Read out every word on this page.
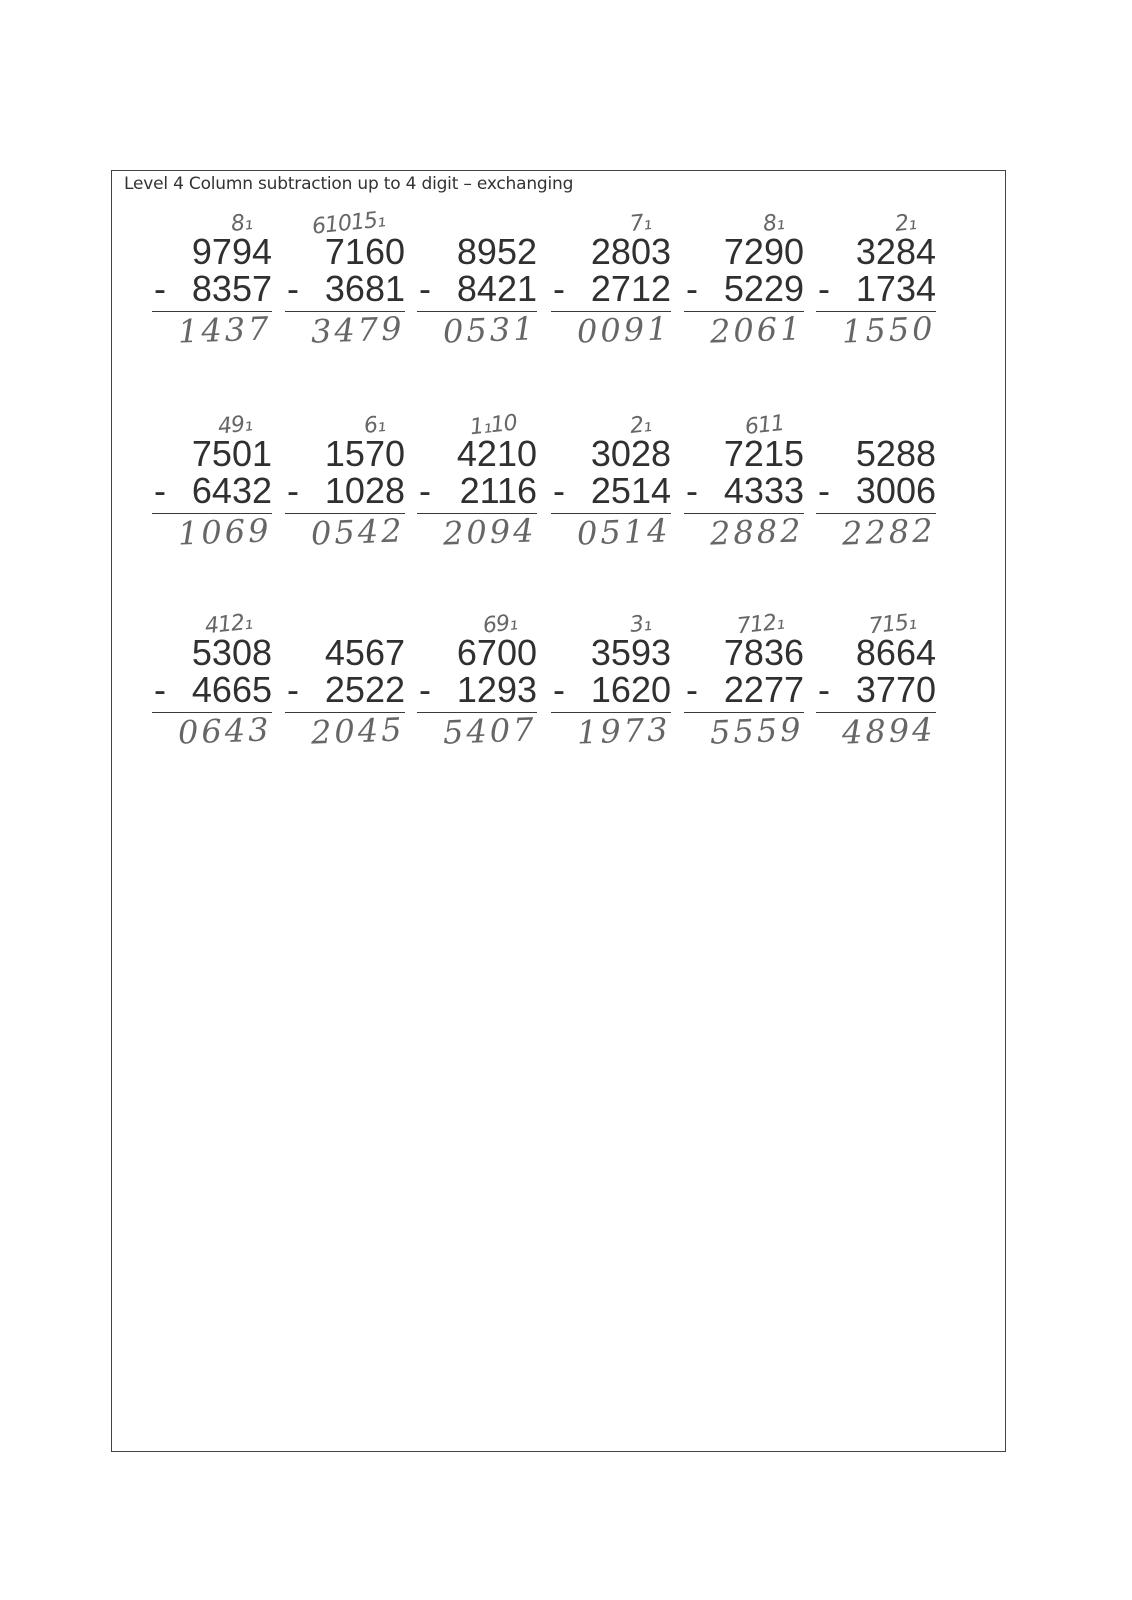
Level 4 Column subtraction up to 4 digit – exchanging
8₁
9794
- 8357
1437
61015₁
7160
- 3681
3479
8952
- 8421
0531
7₁
2803
- 2712
0091
8₁
7290
- 5229
2061
2₁
3284
- 1734
1550
49₁
7501
- 6432
1069
6₁
1570
- 1028
0542
1₁10
4210
- 2116
2094
2₁
3028
- 2514
0514
611
7215
- 4333
2882
5288
- 3006
2282
412₁
5308
- 4665
0643
4567
- 2522
2045
69₁
6700
- 1293
5407
3₁
3593
- 1620
1973
712₁
7836
- 2277
5559
715₁
8664
- 3770
4894
